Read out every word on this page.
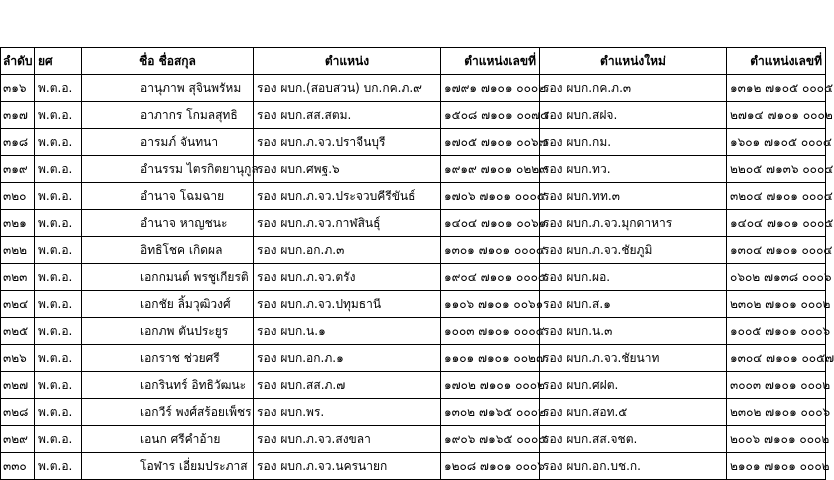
ลำดับ	ยศ	ชื่อ ชื่อสกุล	ตำแหน่ง	ตำแหน่งเลขที่	ตำแหน่งใหม่	ตำแหน่งเลขที่
๓๑๖	พ.ต.อ.	อานุภาพ สุจินพรัหม	รอง ผบก.(สอบสวน) บก.กค.ภ.๙	๑๗๙๑ ๗๑๐๑ ๐๐๐๒	รอง ผบก.กค.ภ.๓	๑๓๑๒ ๗๑๐๕ ๐๐๐๕
๓๑๗	พ.ต.อ.	อาภากร โกมลสุทธิ	รอง ผบก.สส.สตม.	๑๕๐๘ ๗๑๐๑ ๐๐๗๔	รอง ผบก.สฝจ.	๒๗๑๔ ๗๑๐๑ ๐๐๐๒
๓๑๘	พ.ต.อ.	อารมภ์ จันทนา	รอง ผบก.ภ.จว.ปราจีนบุรี	๑๗๐๕ ๗๑๐๑ ๐๐๖๗	รอง ผบก.กม.	๑๖๐๑ ๗๑๐๕ ๐๐๐๔
๓๑๙	พ.ต.อ.	อำนรรม ไตรกิตยานุกูล	รอง ผบก.ศพฐ.๖	๑๙๑๙ ๗๑๐๑ ๐๒๒๙	รอง ผบก.ทว.	๒๒๐๕ ๗๑๓๖ ๐๐๐๔
๓๒๐	พ.ต.อ.	อำนาจ โฉมฉาย	รอง ผบก.ภ.จว.ประจวบคีรีขันธ์	๑๗๐๖ ๗๑๐๑ ๐๐๐๕	รอง ผบก.ทท.๓	๓๒๐๔ ๗๑๐๑ ๐๐๐๔
๓๒๑	พ.ต.อ.	อำนาจ หาญชนะ	รอง ผบก.ภ.จว.กาฬสินธุ์	๑๔๐๔ ๗๑๐๑ ๐๐๖๑	รอง ผบก.ภ.จว.มุกดาหาร	๑๔๐๔ ๗๑๐๑ ๐๐๐๕
๓๒๒	พ.ต.อ.	อิทธิโชค เกิดผล	รอง ผบก.อก.ภ.๓	๑๓๐๑ ๗๑๐๑ ๐๐๐๔	รอง ผบก.ภ.จว.ชัยภูมิ	๑๓๐๔ ๗๑๐๑ ๐๐๐๔
๓๒๓	พ.ต.อ.	เอกกมนต์ พรชูเกียรติ	รอง ผบก.ภ.จว.ตรัง	๑๙๐๔ ๗๑๐๑ ๐๐๐๕	รอง ผบก.ผอ.	๐๖๐๒ ๗๑๓๘ ๐๐๐๖
๓๒๔	พ.ต.อ.	เอกชัย ลิ้มวุฒิวงศ์	รอง ผบก.ภ.จว.ปทุมธานี	๑๑๐๖ ๗๑๐๑ ๐๐๖๑	รอง ผบก.ส.๑	๒๓๐๒ ๗๑๐๑ ๐๐๐๒
๓๒๕	พ.ต.อ.	เอกภพ ตันประยูร	รอง ผบก.น.๑	๑๐๐๓ ๗๑๐๑ ๐๐๐๕	รอง ผบก.น.๓	๑๐๐๕ ๗๑๐๑ ๐๐๐๖
๓๒๖	พ.ต.อ.	เอกราช ช่วยศรี	รอง ผบก.อก.ภ.๑	๑๑๐๑ ๗๑๐๑ ๐๐๒๗	รอง ผบก.ภ.จว.ชัยนาท	๑๓๐๔ ๗๑๐๑ ๐๐๕๗
๓๒๗	พ.ต.อ.	เอกรินทร์ อิทธิวัฒนะ	รอง ผบก.สส.ภ.๗	๑๗๐๒ ๗๑๐๑ ๐๐๐๒	รอง ผบก.ศฝต.	๓๐๐๓ ๗๑๐๑ ๐๐๐๒
๓๒๘	พ.ต.อ.	เอกวีร์ พงศ์สร้อยเพ็ชร	รอง ผบก.พร.	๑๓๐๒ ๗๑๖๕ ๐๐๐๒	รอง ผบก.สอท.๕	๒๓๐๒ ๗๑๐๑ ๐๐๐๖
๓๒๙	พ.ต.อ.	เอนก ศรีคำอ้าย	รอง ผบก.ภ.จว.สงขลา	๑๙๐๖ ๗๑๖๕ ๐๐๐๕	รอง ผบก.สส.จชต.	๒๐๐๖ ๗๑๐๑ ๐๐๐๒
๓๓๐	พ.ต.อ.	โอฬาร เอี่ยมประภาส	รอง ผบก.ภ.จว.นครนายก	๑๒๐๘ ๗๑๐๑ ๐๐๐๖	รอง ผบก.อก.บช.ก.	๒๑๐๑ ๗๑๐๑ ๐๐๐๒
